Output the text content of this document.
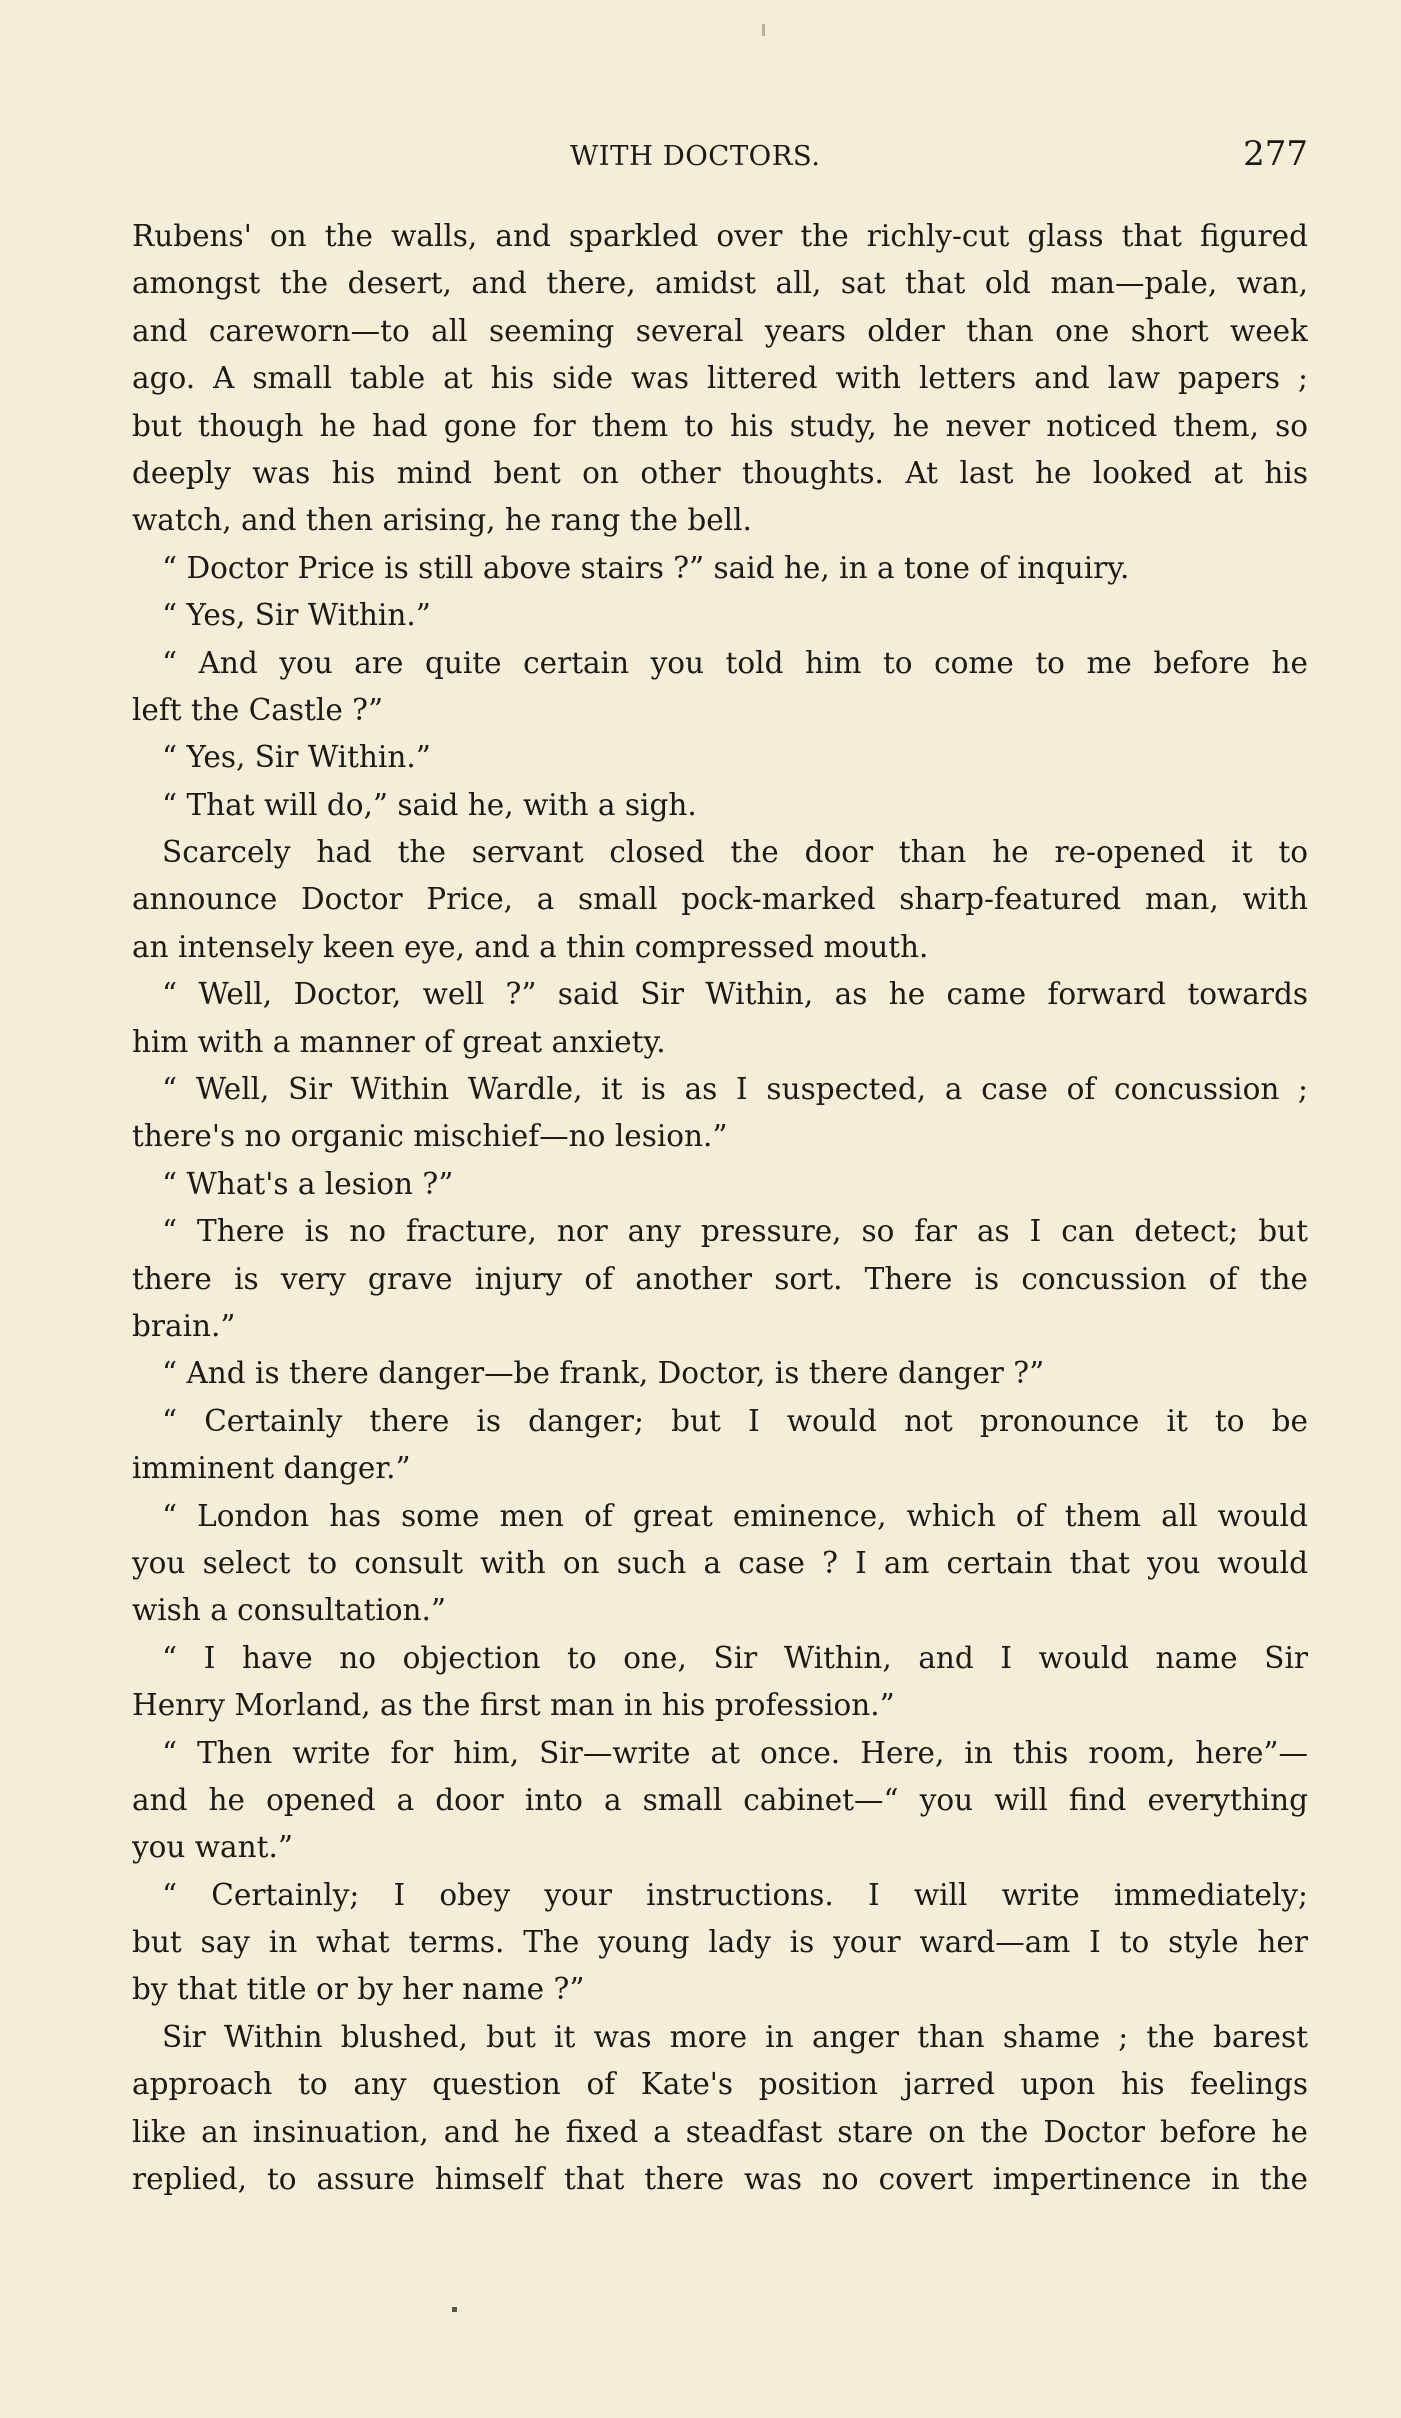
WITH DOCTORS.	277
Rubens' on the walls, and sparkled over the richly-cut glass that figured
amongst the desert, and there, amidst all, sat that old man—pale, wan,
and careworn—to all seeming several years older than one short week
ago. A small table at his side was littered with letters and law papers ;
but though he had gone for them to his study, he never noticed them, so
deeply was his mind bent on other thoughts. At last he looked at his
watch, and then arising, he rang the bell.
“ Doctor Price is still above stairs ?” said he, in a tone of inquiry.
“ Yes, Sir Within.”
“ And you are quite certain you told him to come to me before he
left the Castle ?”
“ Yes, Sir Within.”
“ That will do,” said he, with a sigh.
Scarcely had the servant closed the door than he re-opened it to
announce Doctor Price, a small pock-marked sharp-featured man, with
an intensely keen eye, and a thin compressed mouth.
“ Well, Doctor, well ?” said Sir Within, as he came forward towards
him with a manner of great anxiety.
“ Well, Sir Within Wardle, it is as I suspected, a case of concussion ;
there's no organic mischief—no lesion.”
“ What's a lesion ?”
“ There is no fracture, nor any pressure, so far as I can detect; but
there is very grave injury of another sort. There is concussion of the
brain.”
“ And is there danger—be frank, Doctor, is there danger ?”
“ Certainly there is danger; but I would not pronounce it to be
imminent danger.”
“ London has some men of great eminence, which of them all would
you select to consult with on such a case ? I am certain that you would
wish a consultation.”
“ I have no objection to one, Sir Within, and I would name Sir
Henry Morland, as the first man in his profession.”
“ Then write for him, Sir—write at once. Here, in this room, here”—
and he opened a door into a small cabinet—“ you will find everything
you want.”
“ Certainly; I obey your instructions. I will write immediately;
but say in what terms. The young lady is your ward—am I to style her
by that title or by her name ?”
Sir Within blushed, but it was more in anger than shame ; the barest
approach to any question of Kate's position jarred upon his feelings
like an insinuation, and he fixed a steadfast stare on the Doctor before he
replied, to assure himself that there was no covert impertinence in the
